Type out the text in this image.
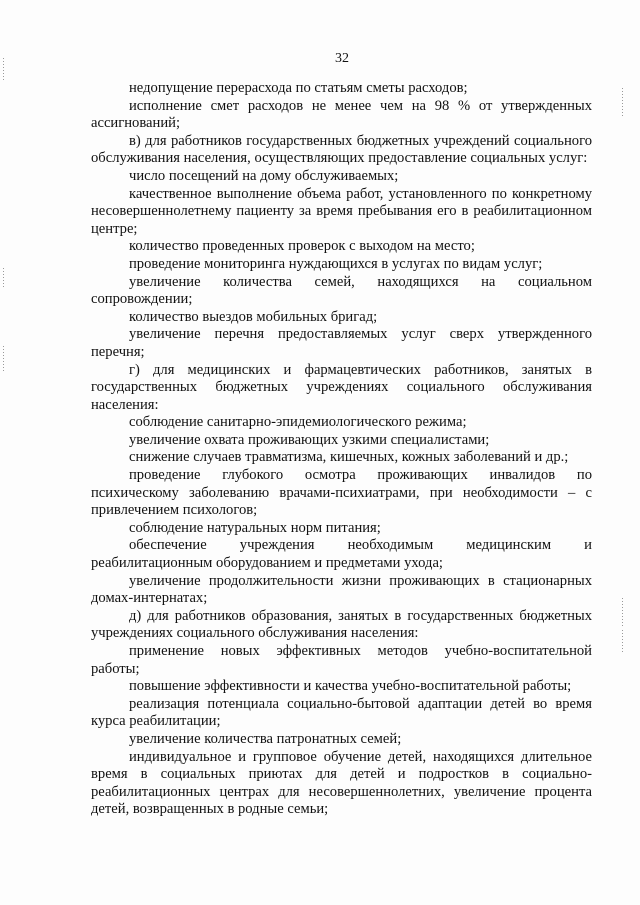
32

недопущение перерасхода по статьям сметы расходов;

исполнение смет расходов не менее чем на 98 % от утвержденных ассигнований;

в) для работников государственных бюджетных учреждений социального обслуживания населения, осуществляющих предоставление социальных услуг:

число посещений на дому обслуживаемых;

качественное выполнение объема работ, установленного по конкретному несовершеннолетнему пациенту за время пребывания его в реабилитационном центре;

количество проведенных проверок с выходом на место;

проведение мониторинга нуждающихся в услугах по видам услуг;

увеличение количества семей, находящихся на социальном сопровождении;

количество выездов мобильных бригад;

увеличение перечня предоставляемых услуг сверх утвержденного перечня;

г) для медицинских и фармацевтических работников, занятых в государственных бюджетных учреждениях социального обслуживания населения:

соблюдение санитарно-эпидемиологического режима;

увеличение охвата проживающих узкими специалистами;

снижение случаев травматизма, кишечных, кожных заболеваний и др.;

проведение глубокого осмотра проживающих инвалидов по психическому заболеванию врачами-психиатрами, при необходимости – с привлечением психологов;

соблюдение натуральных норм питания;

обеспечение учреждения необходимым медицинским и реабилитационным оборудованием и предметами ухода;

увеличение продолжительности жизни проживающих в стационарных домах-интернатах;

д) для работников образования, занятых в государственных бюджетных учреждениях социального обслуживания населения:

применение новых эффективных методов учебно-воспитательной работы;

повышение эффективности и качества учебно-воспитательной работы;

реализация потенциала социально-бытовой адаптации детей во время курса реабилитации;

увеличение количества патронатных семей;

индивидуальное и групповое обучение детей, находящихся длительное время в социальных приютах для детей и подростков в социально-реабилитационных центрах для несовершеннолетних, увеличение процента детей, возвращенных в родные семьи;
